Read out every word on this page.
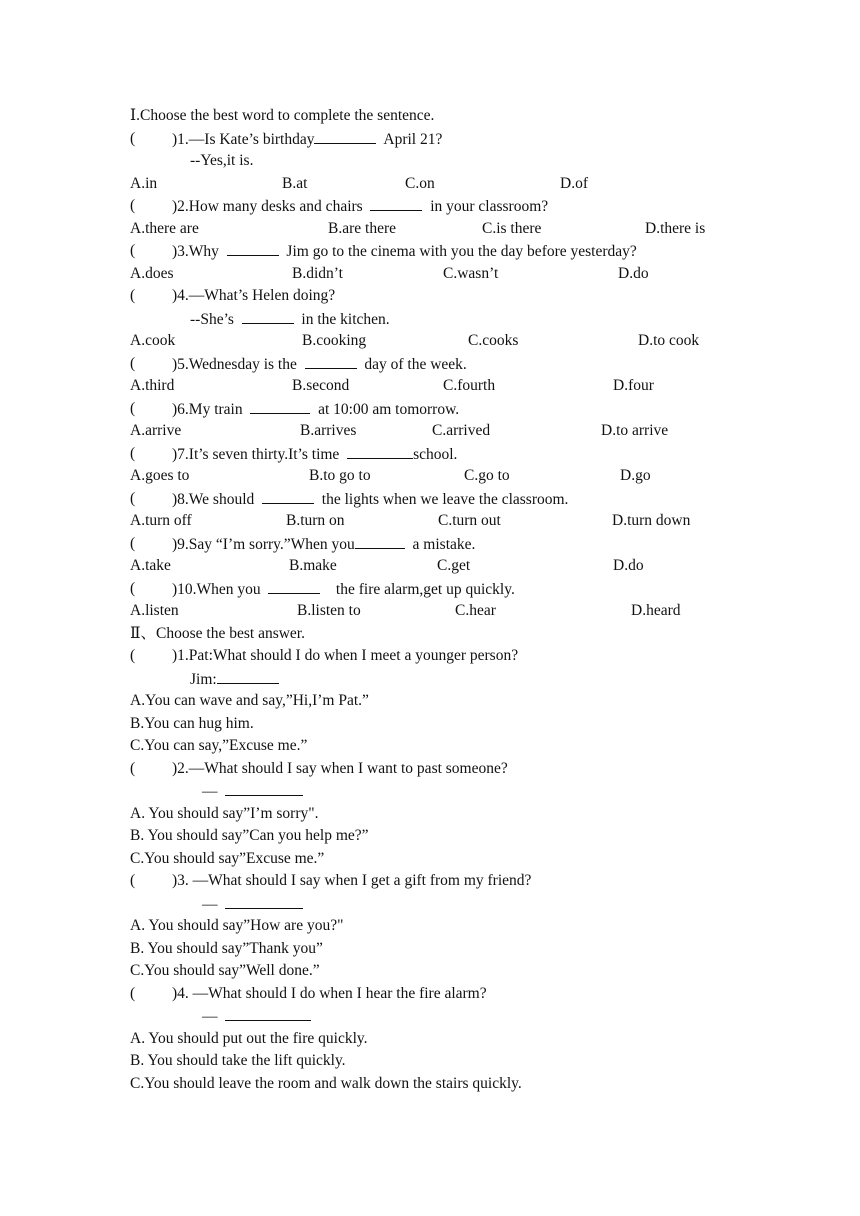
Ⅰ.Choose the best word to complete the sentence.
( )1.—Is Kate’s birthday	April 21?
--Yes,it is.
A.in	B.at	C.on	D.of
( )2.How many desks and chairs	in your classroom?
A.there are	B.are there	C.is there	D.there is
( )3.Why	Jim go to the cinema with you the day before yesterday?
A.does	B.didn’t	C.wasn’t	D.do
( )4.—What’s Helen doing?
--She’s	in the kitchen.
A.cook	B.cooking	C.cooks	D.to cook
( )5.Wednesday is the	day of the week.
A.third	B.second	C.fourth	D.four
( )6.My train	at 10:00 am tomorrow.
A.arrive	B.arrives	C.arrived	D.to arrive
( )7.It’s seven thirty.It’s time	school.
A.goes to	B.to go to	C.go to	D.go
( )8.We should	the lights when we leave the classroom.
A.turn off	B.turn on	C.turn out	D.turn down
( )9.Say “I’m sorry.”When you	a mistake.
A.take	B.make	C.get	D.do
( )10.When you	the fire alarm,get up quickly.
A.listen	B.listen to	C.hear	D.heard
Ⅱ、Choose the best answer.
( )1.Pat:What should I do when I meet a younger person?
Jim:
A.You can wave and say,”Hi,I’m Pat.”
B.You can hug him.
C.You can say,”Excuse me.”
( )2.—What should I say when I want to past someone?
—
A. You should say”I’m sorry".
B. You should say”Can you help me?”
C.You should say”Excuse me.”
( )3. —What should I say when I get a gift from my friend?
—
A. You should say”How are you?"
B. You should say”Thank you”
C.You should say”Well done.”
( )4. —What should I do when I hear the fire alarm?
—
A. You should put out the fire quickly.
B. You should take the lift quickly.
C.You should leave the room and walk down the stairs quickly.
